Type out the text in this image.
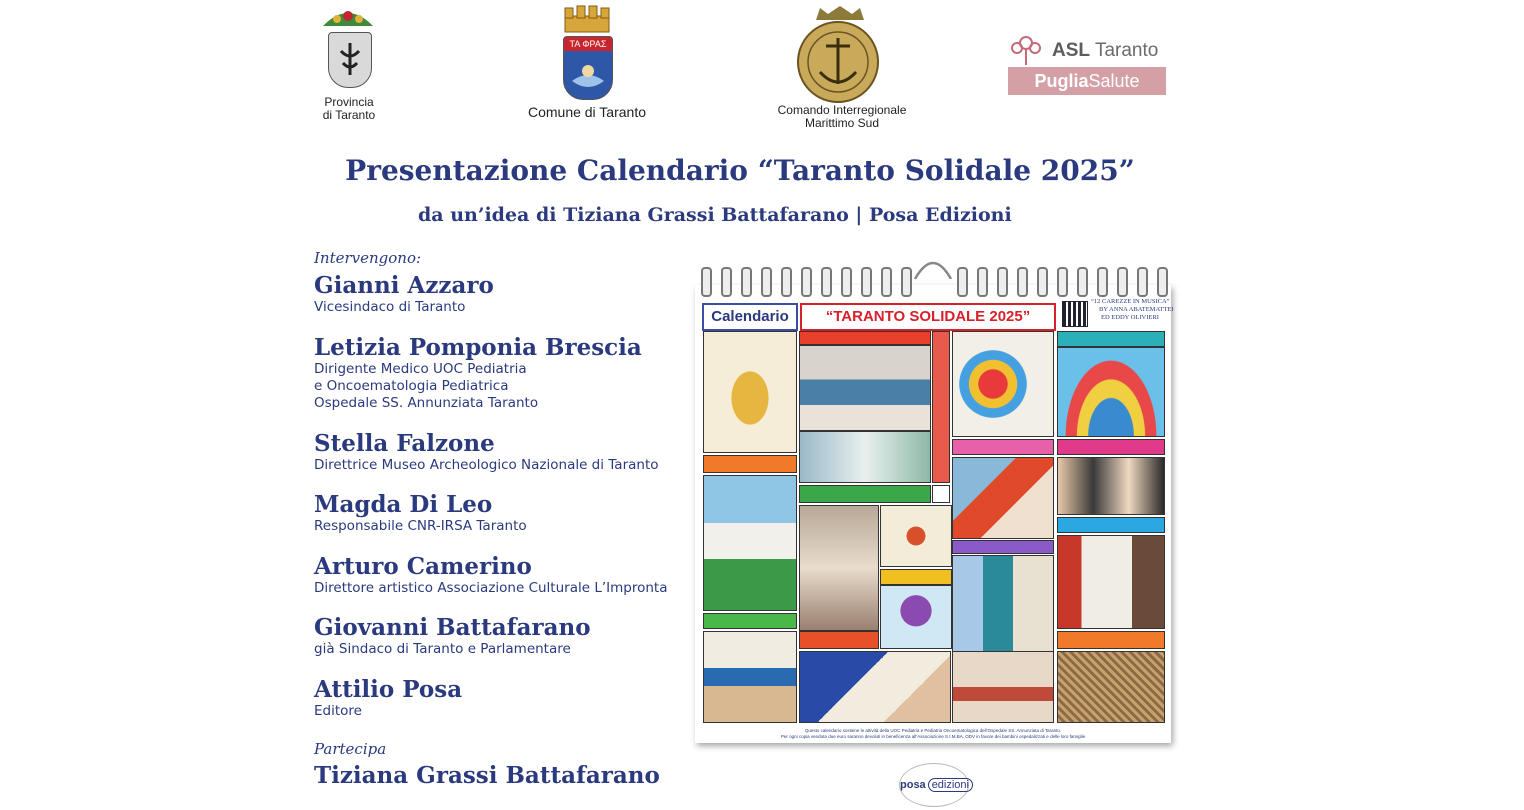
Provincia
di Taranto
ΤΑ ΦΡΑΣ
Comune di Taranto	Comando Interregionale
Marittimo Sud
ASL Taranto
PugliaSalute
Presentazione Calendario “Taranto Solidale 2025”
da un’idea di Tiziana Grassi Battafarano | Posa Edizioni
Intervengono:
Gianni Azzaro
Vicesindaco di Taranto
Letizia Pomponia Brescia
Dirigente Medico UOC Pediatria
e Oncoematologia Pediatrica
Ospedale SS. Annunziata Taranto
Stella Falzone
Direttrice Museo Archeologico Nazionale di Taranto
Magda Di Leo
Responsabile CNR-IRSA Taranto
Arturo Camerino
Direttore artistico Associazione Culturale L’Impronta
Giovanni Battafarano
già Sindaco di Taranto e Parlamentare
Attilio Posa
Editore
Partecipa
Tiziana Grassi Battafarano
Calendario	“TARANTO SOLIDALE 2025”
“12 CAREZZE IN MUSICA”
BY ANNA ABATEMATTEI
ED EDDY OLIVIERI
Questo calendario sostiene le attività della UOC Pediatria e Pediatria Oncoematologica dell’Ospedale SS. Annunziata di Taranto.
Per ogni copia venduta due euro saranno devoluti in beneficenza all’Associazione S.I.M.BA. ODV in favore dei bambini ospedalizzati e delle loro famiglie
posa edizioni
